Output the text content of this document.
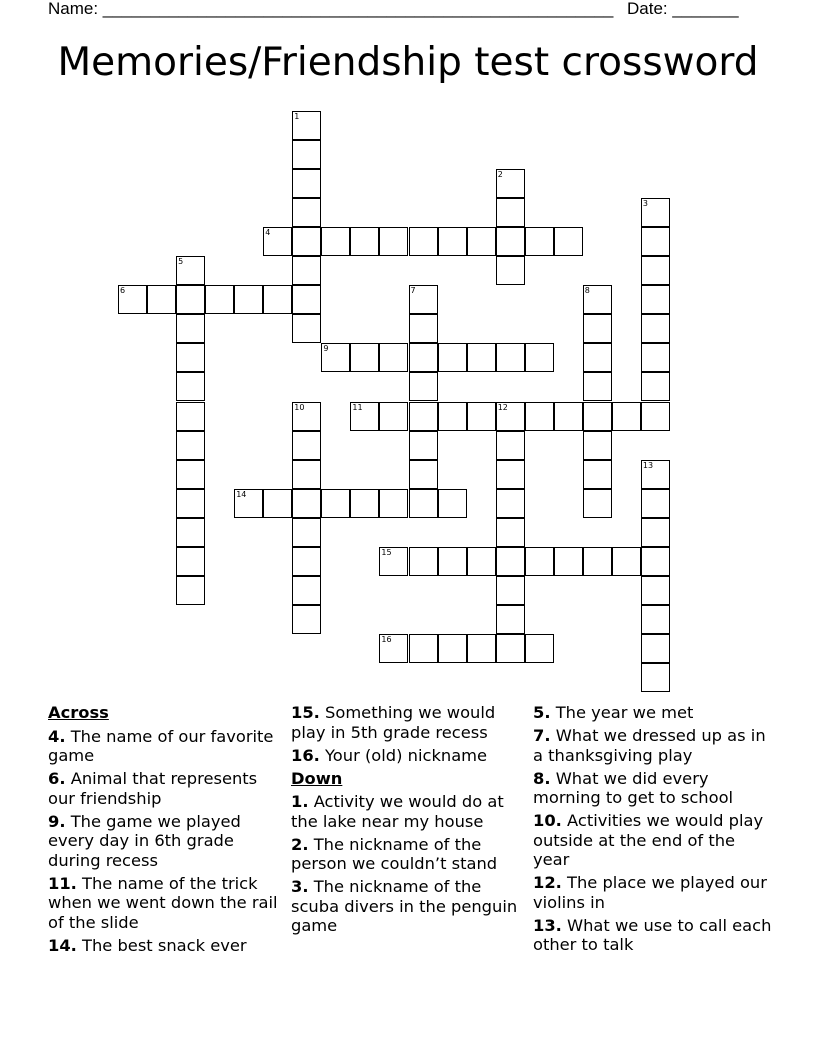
Name: ______________________________________________________ Date: _______
Memories/Friendship test crossword
1
2
3
4
5
6	7	8
9
10	11	12
13
14
15
16
Across
4. The name of our favorite game
6. Animal that represents our friendship
9. The game we played every day in 6th grade during recess
11. The name of the trick when we went down the rail of the slide
14. The best snack ever
15. Something we would play in 5th grade recess
16. Your (old) nickname
Down
1. Activity we would do at the lake near my house
2. The nickname of the person we couldn’t stand
3. The nickname of the scuba divers in the penguin game
5. The year we met
7. What we dressed up as in a thanksgiving play
8. What we did every morning to get to school
10. Activities we would play outside at the end of the year
12. The place we played our violins in
13. What we use to call each other to talk
